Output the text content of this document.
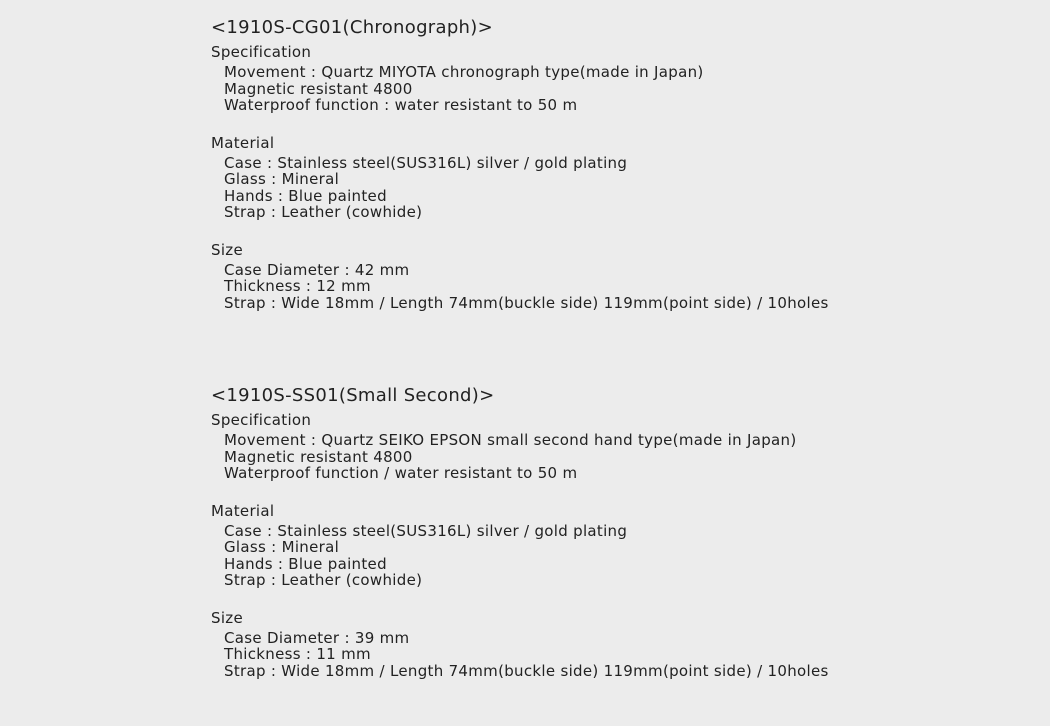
<1910S-CG01(Chronograph)>
Specification
Movement : Quartz MIYOTA chronograph type(made in Japan)
Magnetic resistant 4800
Waterproof function : water resistant to 50 m
Material
Case : Stainless steel(SUS316L) silver / gold plating
Glass : Mineral
Hands : Blue painted
Strap : Leather (cowhide)
Size
Case Diameter : 42 mm
Thickness : 12 mm
Strap : Wide 18mm / Length 74mm(buckle side) 119mm(point side) / 10holes
<1910S-SS01(Small Second)>
Specification
Movement : Quartz SEIKO EPSON small second hand type(made in Japan)
Magnetic resistant 4800
Waterproof function / water resistant to 50 m
Material
Case : Stainless steel(SUS316L) silver / gold plating
Glass : Mineral
Hands : Blue painted
Strap : Leather (cowhide)
Size
Case Diameter : 39 mm
Thickness : 11 mm
Strap : Wide 18mm / Length 74mm(buckle side) 119mm(point side) / 10holes
